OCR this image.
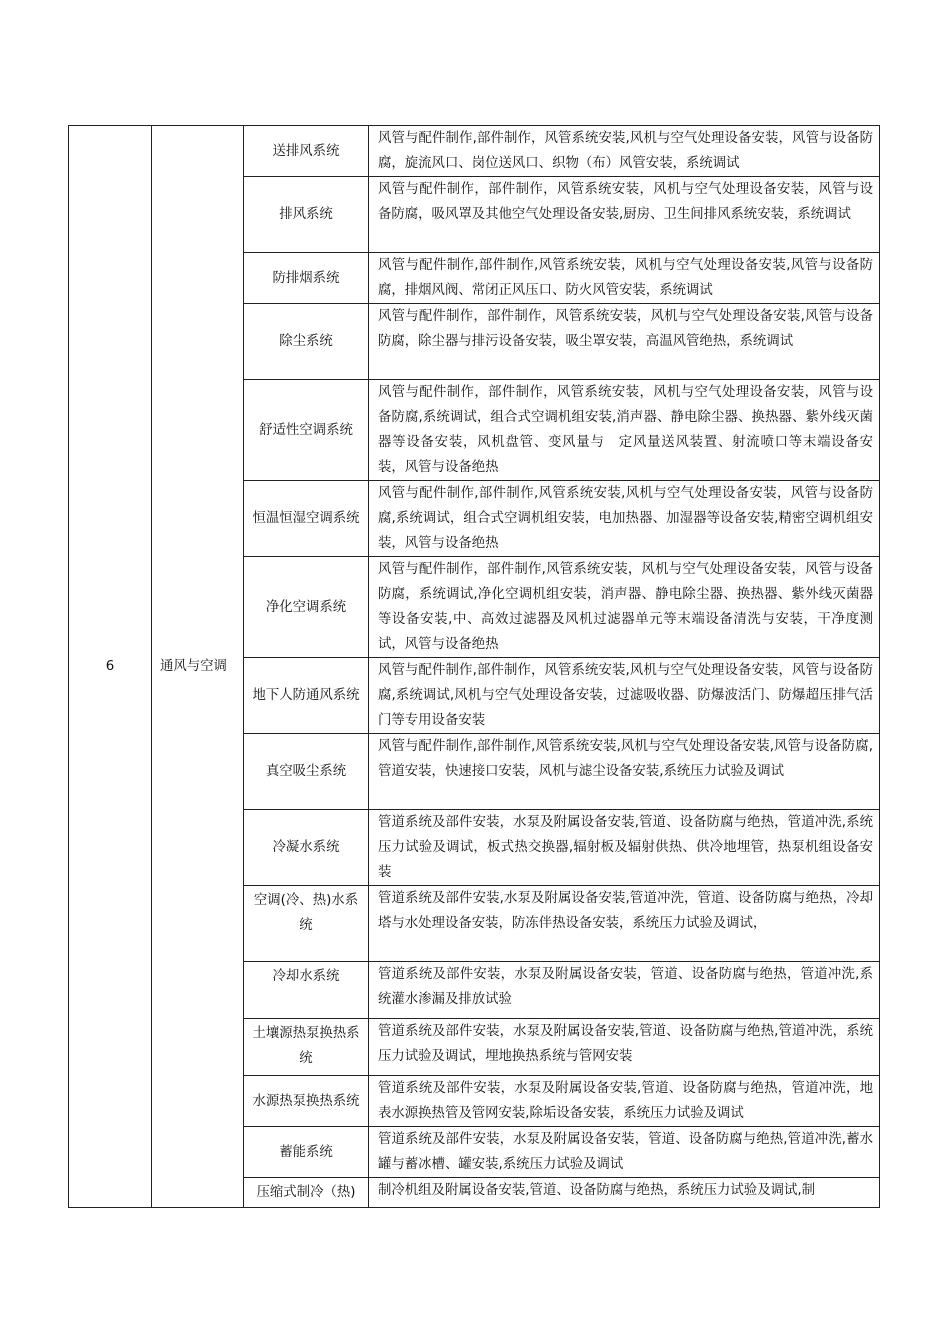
6	通风与空调	送排风系统	风管与配件制作,部件制作，风管系统安装,风机与空气处理设备安装，风管与设备防腐，旋流风口、岗位送风口、织物（布）风管安装，系统调试
		排风系统	风管与配件制作，部件制作，风管系统安装，风机与空气处理设备安装，风管与设备防腐，吸风罩及其他空气处理设备安装,厨房、卫生间排风系统安装，系统调试
		防排烟系统	风管与配件制作,部件制作,风管系统安装，风机与空气处理设备安装,风管与设备防腐，排烟风阀、常闭正风压口、防火风管安装，系统调试
		除尘系统	风管与配件制作，部件制作，风管系统安装，风机与空气处理设备安装,风管与设备防腐，除尘器与排污设备安装，吸尘罩安装，高温风管绝热，系统调试
		舒适性空调系统	风管与配件制作，部件制作，风管系统安装，风机与空气处理设备安装，风管与设备防腐,系统调试，组合式空调机组安装,消声器、静电除尘器、换热器、紫外线灭菌器等设备安装，风机盘管、变风量与　定风量送风装置、射流喷口等末端设备安装，风管与设备绝热
		恒温恒湿空调系统	风管与配件制作,部件制作,风管系统安装,风机与空气处理设备安装，风管与设备防腐,系统调试，组合式空调机组安装，电加热器、加湿器等设备安装,精密空调机组安装，风管与设备绝热
		净化空调系统	风管与配件制作，部件制作,风管系统安装，风机与空气处理设备安装，风管与设备防腐，系统调试,净化空调机组安装，消声器、静电除尘器、换热器、紫外线灭菌器等设备安装,中、高效过滤器及风机过滤器单元等末端设备清洗与安装，干净度测试，风管与设备绝热
		地下人防通风系统	风管与配件制作,部件制作，风管系统安装,风机与空气处理设备安装，风管与设备防腐,系统调试,风机与空气处理设备安装，过滤吸收器、防爆波活门、防爆超压排气活门等专用设备安装
		真空吸尘系统	风管与配件制作,部件制作,风管系统安装,风机与空气处理设备安装,风管与设备防腐,管道安装，快速接口安装，风机与滤尘设备安装,系统压力试验及调试
		冷凝水系统	管道系统及部件安装，水泵及附属设备安装,管道、设备防腐与绝热，管道冲洗,系统压力试验及调试，板式热交换器,辐射板及辐射供热、供冷地埋管，热泵机组设备安装
		空调(冷、热)水系统	管道系统及部件安装,水泵及附属设备安装,管道冲洗，管道、设备防腐与绝热，冷却塔与水处理设备安装，防冻伴热设备安装，系统压力试验及调试，
		冷却水系统	管道系统及部件安装，水泵及附属设备安装，管道、设备防腐与绝热，管道冲洗,系统灌水渗漏及排放试验
		土壤源热泵换热系统	管道系统及部件安装，水泵及附属设备安装,管道、设备防腐与绝热,管道冲洗，系统压力试验及调试，埋地换热系统与管网安装
		水源热泵换热系统	管道系统及部件安装，水泵及附属设备安装,管道、设备防腐与绝热，管道冲洗，地表水源换热管及管网安装,除垢设备安装，系统压力试验及调试
		蓄能系统	管道系统及部件安装，水泵及附属设备安装，管道、设备防腐与绝热,管道冲洗,蓄水罐与蓄冰槽、罐安装,系统压力试验及调试
		压缩式制冷（热)	制冷机组及附属设备安装,管道、设备防腐与绝热，系统压力试验及调试,制
